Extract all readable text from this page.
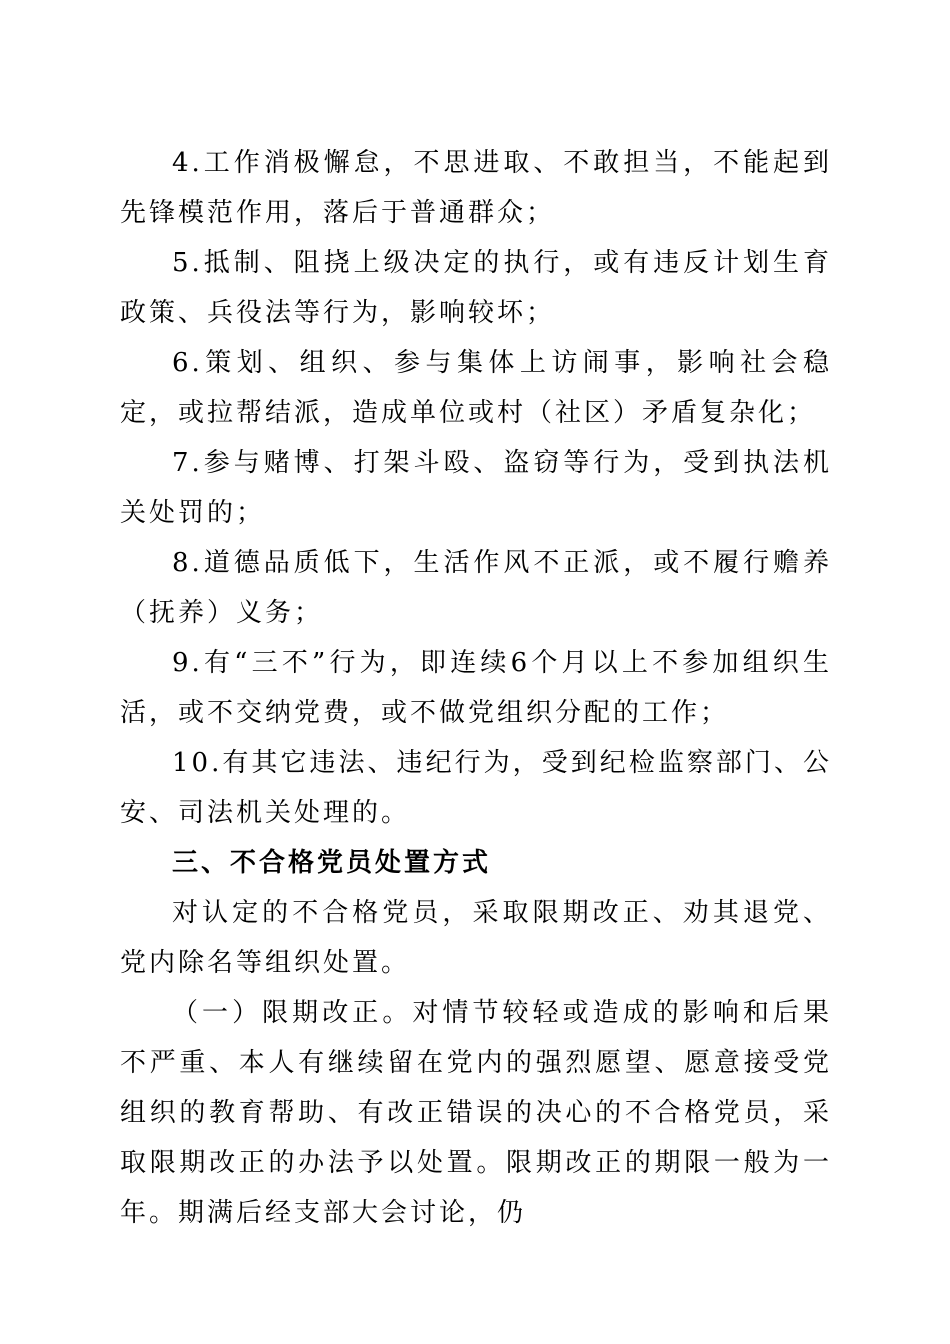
4.工作消极懈怠，不思进取、不敢担当，不能起到先锋模范作用，落后于普通群众；

5.抵制、阻挠上级决定的执行，或有违反计划生育政策、兵役法等行为，影响较坏；

6.策划、组织、参与集体上访闹事，影响社会稳定，或拉帮结派，造成单位或村（社区）矛盾复杂化；

7.参与赌博、打架斗殴、盗窃等行为，受到执法机关处罚的；

8.道德品质低下，生活作风不正派，或不履行赡养（抚养）义务；

9.有“三不”行为，即连续6个月以上不参加组织生活，或不交纳党费，或不做党组织分配的工作；

10.有其它违法、违纪行为，受到纪检监察部门、公安、司法机关处理的。

三、不合格党员处置方式

对认定的不合格党员，采取限期改正、劝其退党、党内除名等组织处置。

（一）限期改正。对情节较轻或造成的影响和后果不严重、本人有继续留在党内的强烈愿望、愿意接受党组织的教育帮助、有改正错误的决心的不合格党员，采取限期改正的办法予以处置。限期改正的期限一般为一年。期满后经支部大会讨论，仍
